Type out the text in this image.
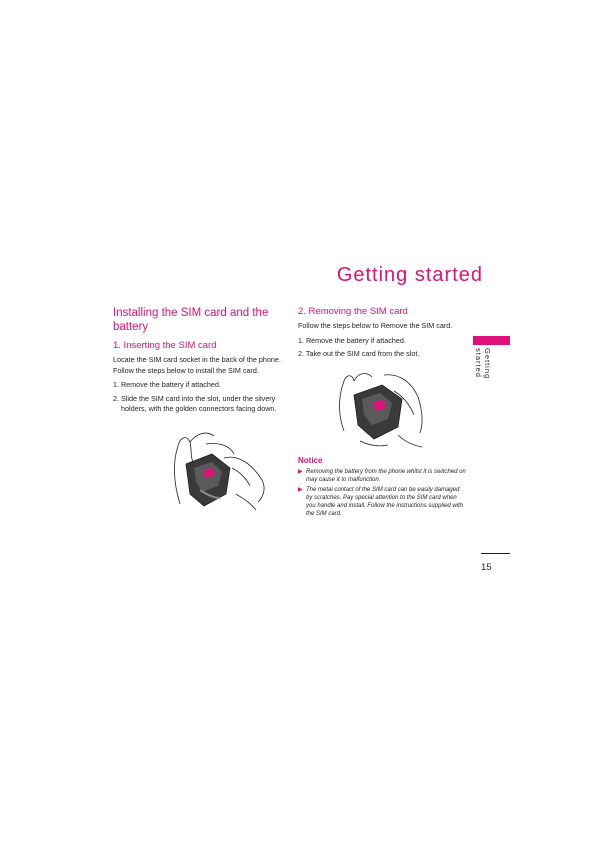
Getting started
Getting started
Installing the SIM card and the battery
1. Inserting the SIM card

Locate the SIM card socket in the back of the phone. Follow the steps below to install the SIM card.

1. Remove the battery if attached.

2. Slide the SIM card into the slot, under the silvery holders, with the golden connectors facing down.

2. Removing the SIM card

Follow the steps below to Remove the SIM card.

1. Remove the battery if attached.

2. Take out the SIM card from the slot.

Notice
▶ Removing the battery from the phone whilst it is switched on may cause it to malfunction.
▶ The metal contact of the SIM card can be easily damaged by scratches. Pay special attention to the SIM card when you handle and install. Follow the instructions supplied with the SIM card.
15
